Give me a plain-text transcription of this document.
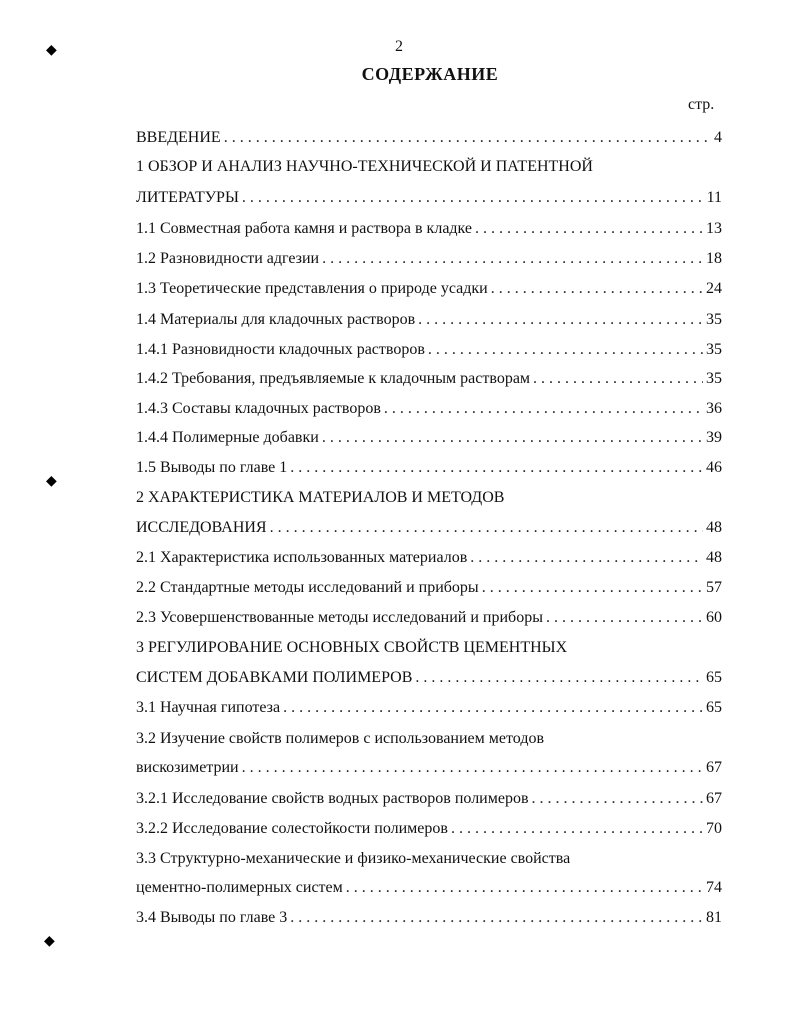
◆
◆
◆
2
СОДЕРЖАНИЕ
стр.
ВВЕДЕНИЕ . . .	4
1 ОБЗОР И АНАЛИЗ НАУЧНО-ТЕХНИЧЕСКОЙ И ПАТЕНТНОЙ
ЛИТЕРАТУРЫ . . .	11
1.1 Совместная работа камня и раствора в кладке . . .	13
1.2 Разновидности адгезии . . .	18
1.3 Теоретические представления о природе усадки . . .	24
1.4 Материалы для кладочных растворов . . .	35
1.4.1 Разновидности кладочных растворов . . .	35
1.4.2 Требования, предъявляемые к кладочным растворам . . .	35
1.4.3 Составы кладочных растворов . . .	36
1.4.4 Полимерные добавки . . .	39
1.5 Выводы по главе 1 . . .	46
2 ХАРАКТЕРИСТИКА МАТЕРИАЛОВ И МЕТОДОВ
ИССЛЕДОВАНИЯ . . .	48
2.1 Характеристика использованных материалов . . .	48
2.2 Стандартные методы исследований и приборы . . .	57
2.3 Усовершенствованные методы исследований и приборы . . .	60
3 РЕГУЛИРОВАНИЕ ОСНОВНЫХ СВОЙСТВ ЦЕМЕНТНЫХ
СИСТЕМ ДОБАВКАМИ ПОЛИМЕРОВ . . .	65
3.1 Научная гипотеза . . .	65
3.2 Изучение свойств полимеров с использованием методов
вискозиметрии . . .	67
3.2.1 Исследование свойств водных растворов полимеров . . .	67
3.2.2 Исследование солестойкости полимеров . . .	70
3.3 Структурно-механические и физико-механические свойства
цементно-полимерных систем . . .	74
3.4 Выводы по главе 3 . . .	81
